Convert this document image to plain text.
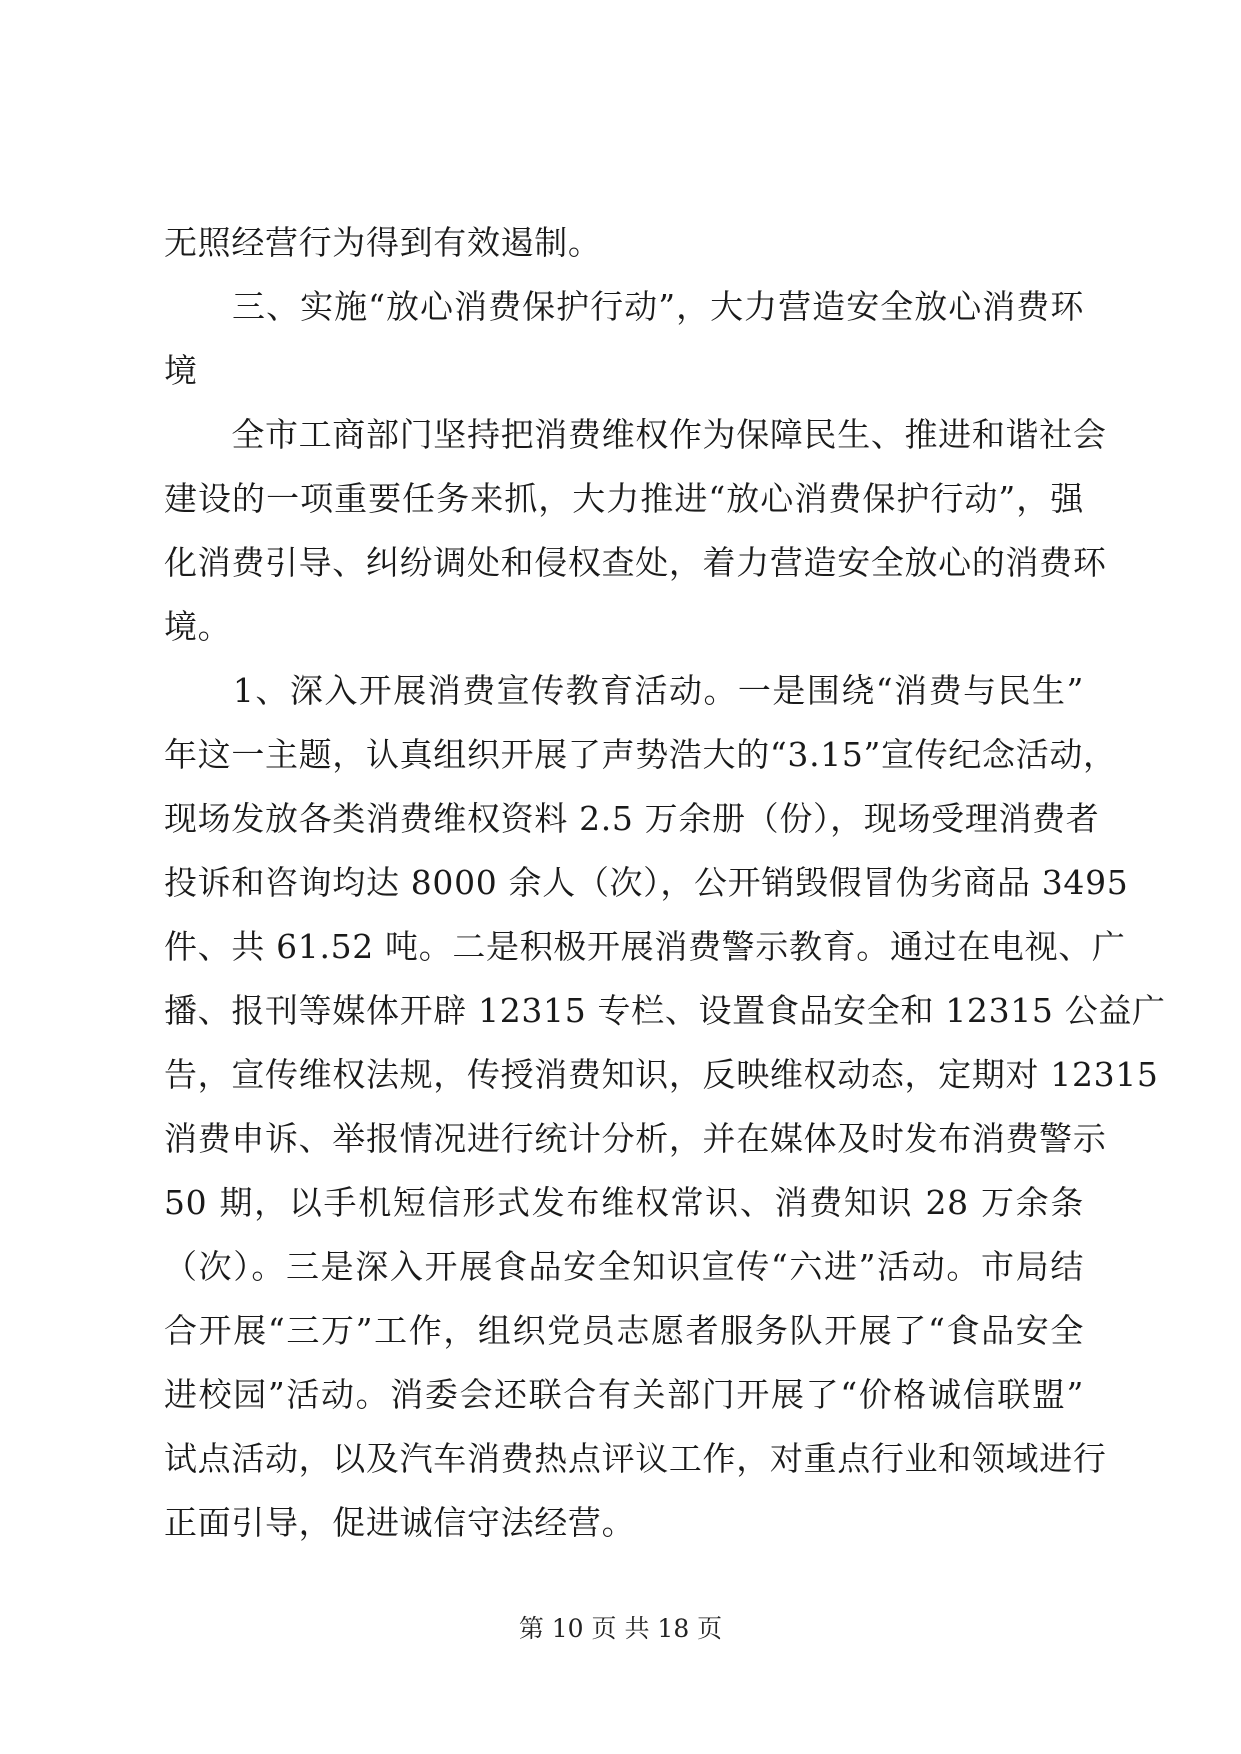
无照经营行为得到有效遏制。
　　三、实施“放心消费保护行动”，大力营造安全放心消费环
境
　　全市工商部门坚持把消费维权作为保障民生、推进和谐社会
建设的一项重要任务来抓，大力推进“放心消费保护行动”，强
化消费引导、纠纷调处和侵权查处，着力营造安全放心的消费环
境。
　　1、深入开展消费宣传教育活动。一是围绕“消费与民生”
年这一主题，认真组织开展了声势浩大的“3.15”宣传纪念活动，
现场发放各类消费维权资料 2.5 万余册（份），现场受理消费者
投诉和咨询均达 8000 余人（次），公开销毁假冒伪劣商品 3495
件、共 61.52 吨。二是积极开展消费警示教育。通过在电视、广
播、报刊等媒体开辟 12315 专栏、设置食品安全和 12315 公益广
告，宣传维权法规，传授消费知识，反映维权动态，定期对 12315
消费申诉、举报情况进行统计分析，并在媒体及时发布消费警示
50 期，以手机短信形式发布维权常识、消费知识 28 万余条
（次）。三是深入开展食品安全知识宣传“六进”活动。市局结
合开展“三万”工作，组织党员志愿者服务队开展了“食品安全
进校园”活动。消委会还联合有关部门开展了“价格诚信联盟”
试点活动，以及汽车消费热点评议工作，对重点行业和领域进行
正面引导，促进诚信守法经营。
第 10 页 共 18 页
